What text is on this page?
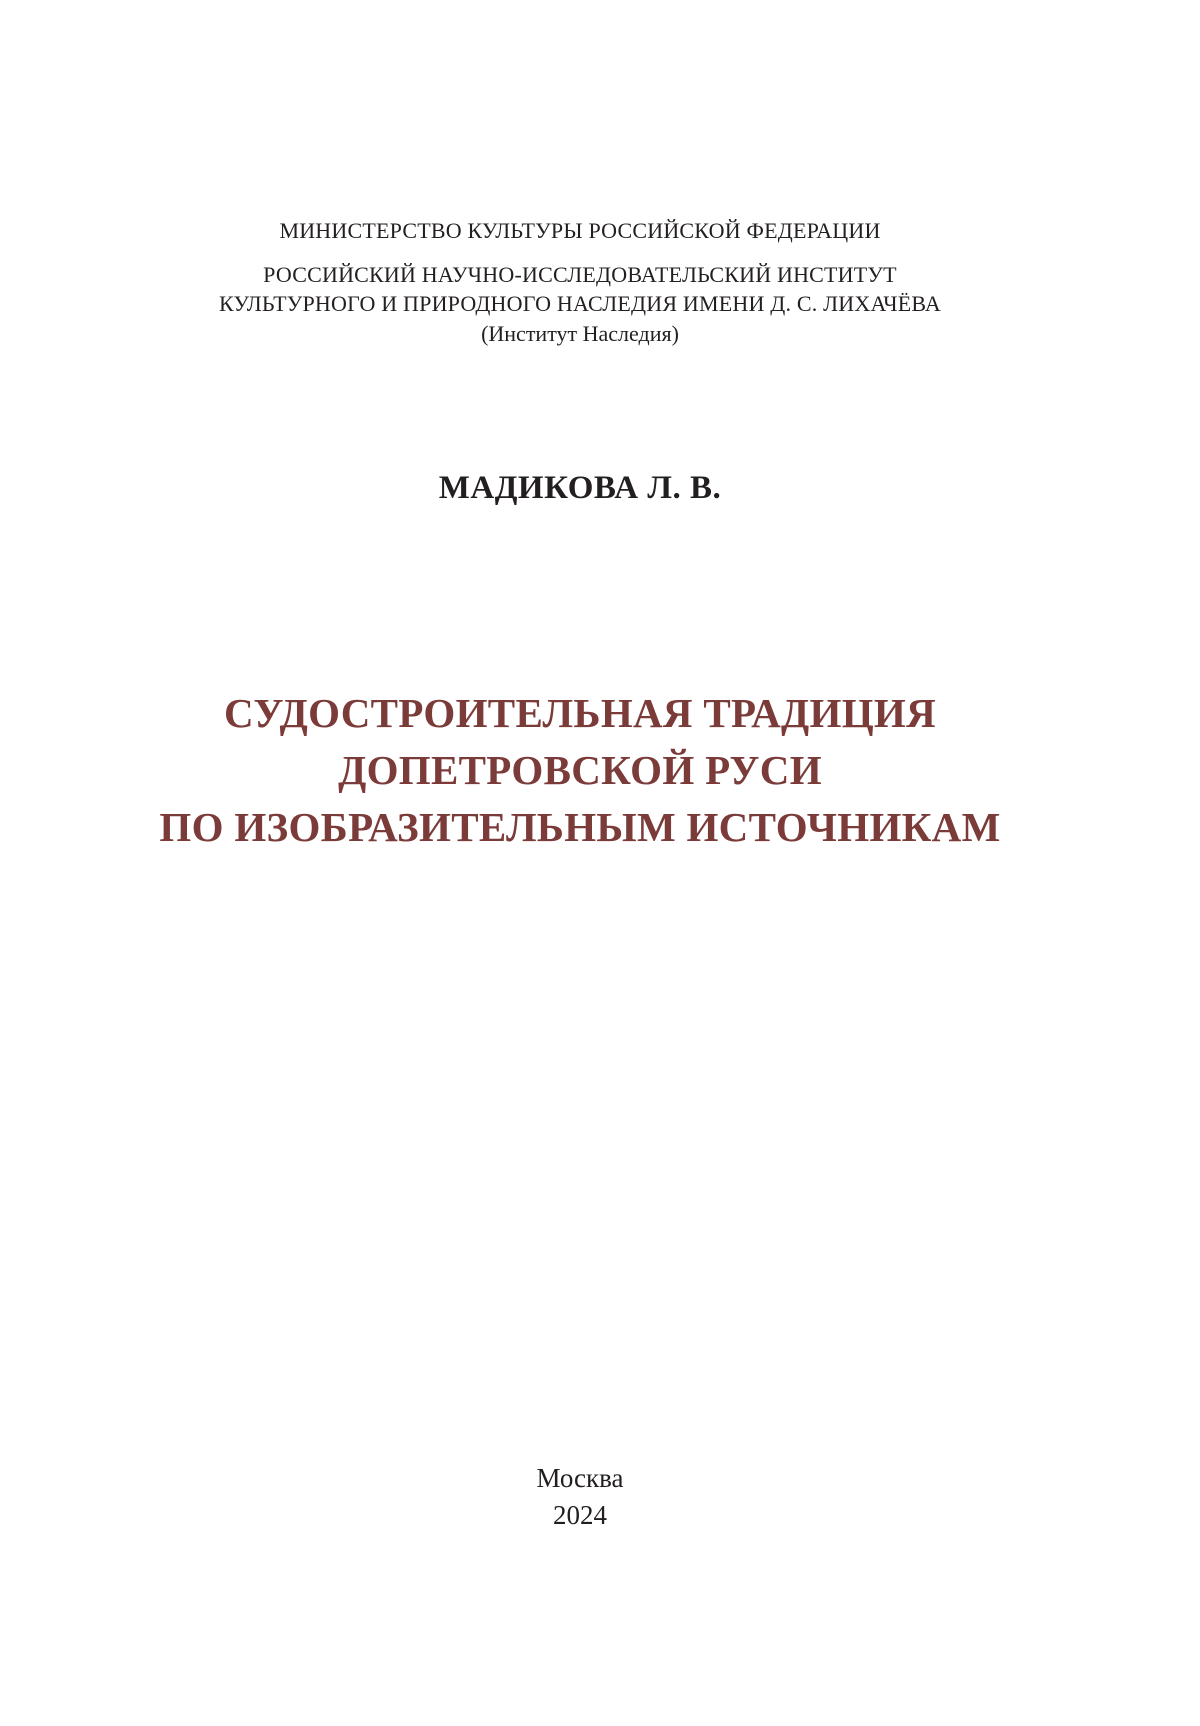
МИНИСТЕРСТВО КУЛЬТУРЫ РОССИЙСКОЙ ФЕДЕРАЦИИ
РОССИЙСКИЙ НАУЧНО-ИССЛЕДОВАТЕЛЬСКИЙ ИНСТИТУТ
КУЛЬТУРНОГО И ПРИРОДНОГО НАСЛЕДИЯ ИМЕНИ Д. С. ЛИХАЧЁВА
(Институт Наследия)
МАДИКОВА Л. В.
СУДОСТРОИТЕЛЬНАЯ ТРАДИЦИЯ
ДОПЕТРОВСКОЙ РУСИ
ПО ИЗОБРАЗИТЕЛЬНЫМ ИСТОЧНИКАМ
Москва
2024
